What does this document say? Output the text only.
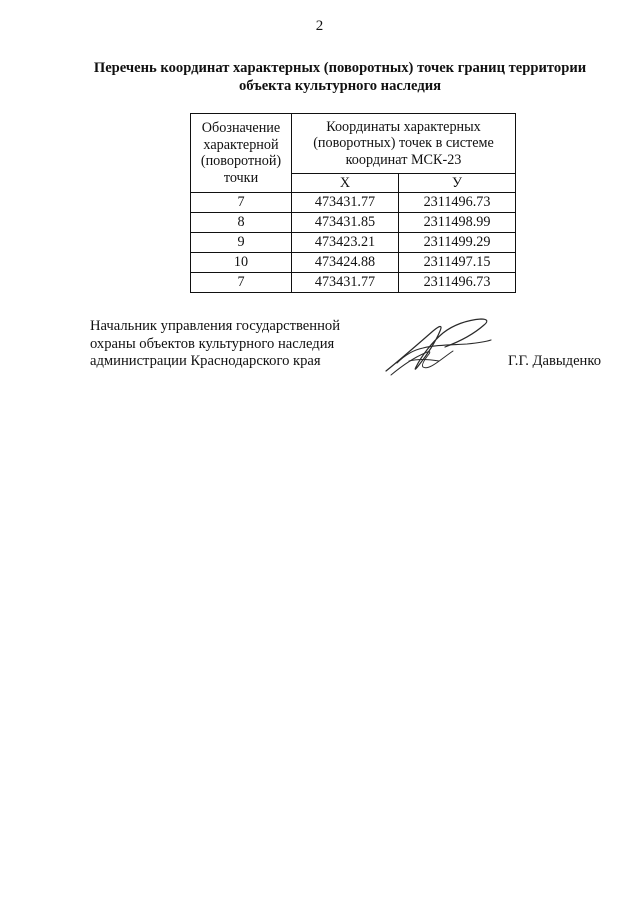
2
Перечень координат характерных (поворотных) точек границ территории
объекта культурного наследия
Обозначение
характерной
(поворотной)
точки	Координаты характерных
(поворотных) точек в системе
координат МСК-23	

	Х	У
7	473431.77	2311496.73
8	473431.85	2311498.99
9	473423.21	2311499.29
10	473424.88	2311497.15
7	473431.77	2311496.73
Начальник управления государственной
охраны объектов культурного наследия
администрации Краснодарского края	Г.Г. Давыденко
